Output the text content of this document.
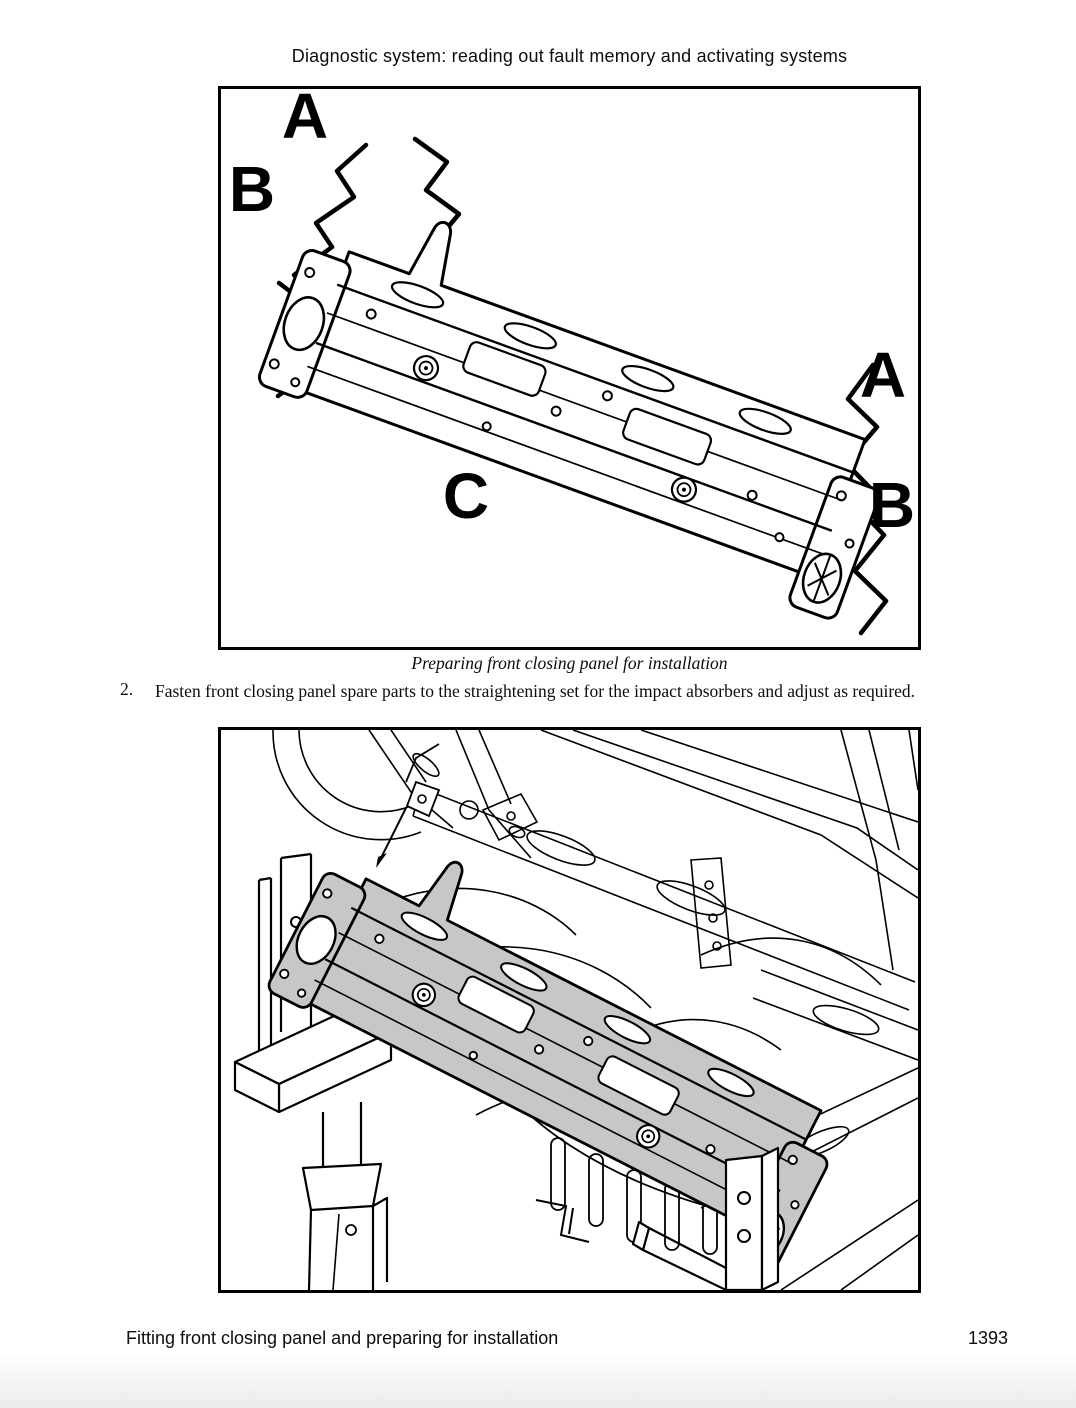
Diagnostic system: reading out fault memory and activating systems
A
B
C
A
B
Preparing front closing panel for installation
2. Fasten front closing panel spare parts to the straightening set for the impact absorbers and adjust as required.
Fitting front closing panel and preparing for installation	1393
